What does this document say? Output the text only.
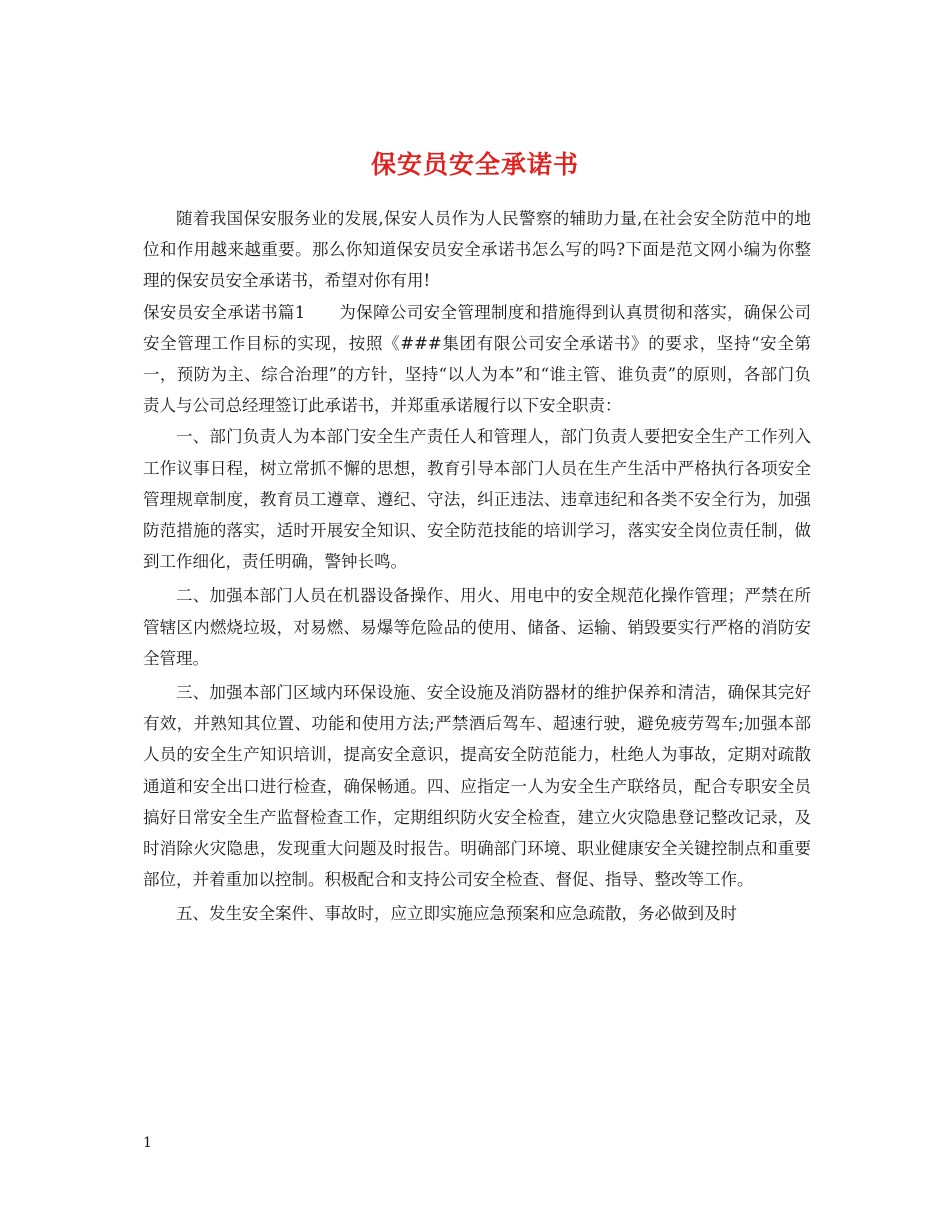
保安员安全承诺书

随着我国保安服务业的发展,保安人员作为人民警察的辅助力量,在社会安全防范中的地位和作用越来越重要。那么你知道保安员安全承诺书怎么写的吗?下面是范文网小编为你整理的保安员安全承诺书，希望对你有用!

保安员安全承诺书篇1　　为保障公司安全管理制度和措施得到认真贯彻和落实，确保公司安全管理工作目标的实现，按照《###集团有限公司安全承诺书》的要求，坚持“安全第一，预防为主、综合治理”的方针，坚持“以人为本”和“谁主管、谁负责”的原则，各部门负责人与公司总经理签订此承诺书，并郑重承诺履行以下安全职责：

一、部门负责人为本部门安全生产责任人和管理人，部门负责人要把安全生产工作列入工作议事日程，树立常抓不懈的思想，教育引导本部门人员在生产生活中严格执行各项安全管理规章制度，教育员工遵章、遵纪、守法，纠正违法、违章违纪和各类不安全行为，加强防范措施的落实，适时开展安全知识、安全防范技能的培训学习，落实安全岗位责任制，做到工作细化，责任明确，警钟长鸣。

二、加强本部门人员在机器设备操作、用火、用电中的安全规范化操作管理；严禁在所管辖区内燃烧垃圾，对易燃、易爆等危险品的使用、储备、运输、销毁要实行严格的消防安全管理。

三、加强本部门区域内环保设施、安全设施及消防器材的维护保养和清洁，确保其完好有效，并熟知其位置、功能和使用方法;严禁酒后驾车、超速行驶，避免疲劳驾车;加强本部人员的安全生产知识培训，提高安全意识，提高安全防范能力，杜绝人为事故，定期对疏散通道和安全出口进行检查，确保畅通。四、应指定一人为安全生产联络员，配合专职安全员搞好日常安全生产监督检查工作，定期组织防火安全检查，建立火灾隐患登记整改记录，及时消除火灾隐患，发现重大问题及时报告。明确部门环境、职业健康安全关键控制点和重要部位，并着重加以控制。积极配合和支持公司安全检查、督促、指导、整改等工作。

五、发生安全案件、事故时，应立即实施应急预案和应急疏散，务必做到及时

1
